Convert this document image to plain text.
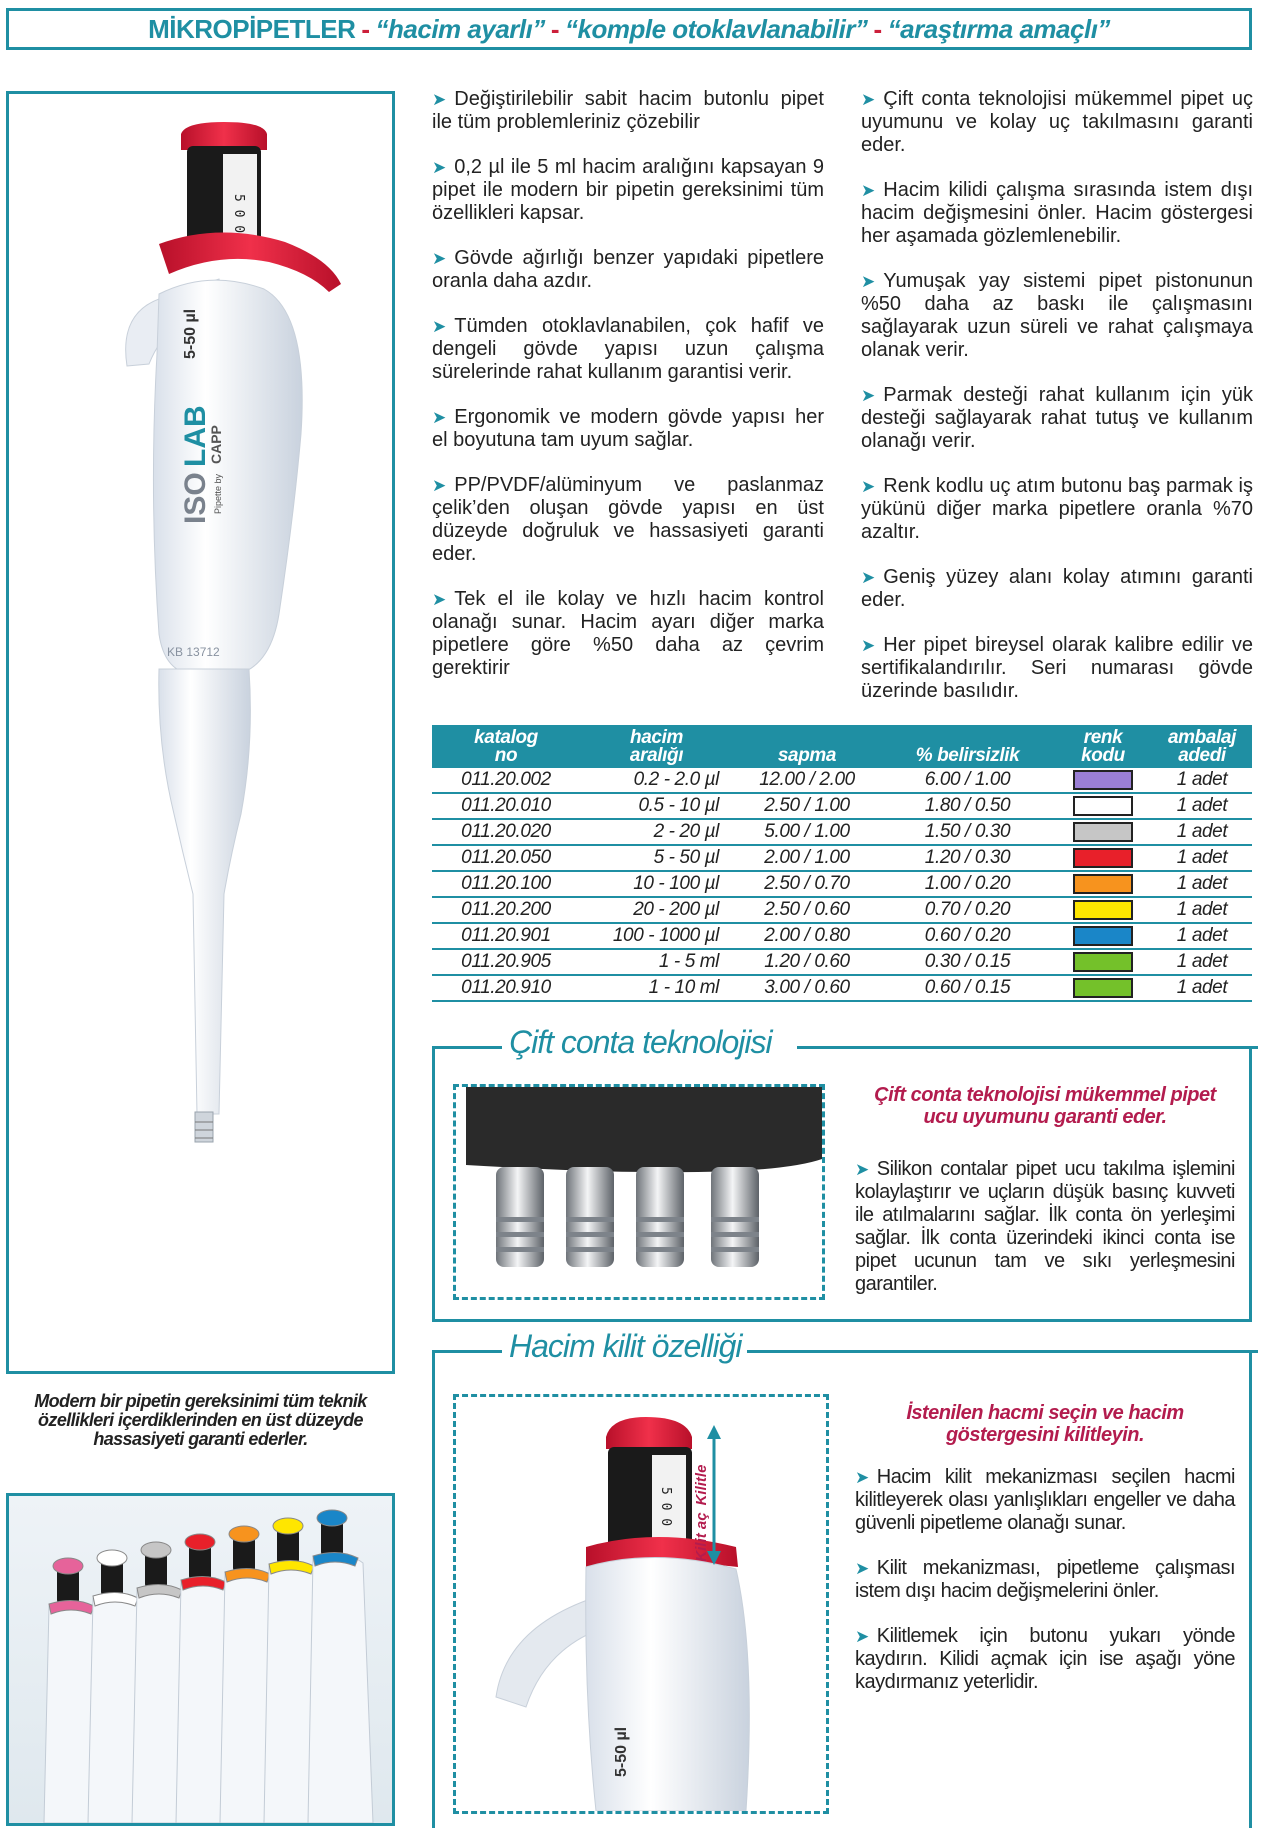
MİKROPİPETLER - “hacim ayarlı” - “komple otoklavlanabilir” - “araştırma amaçlı”
5 0 0
5-50 µl
ISO
LAB
Pipette by
CAPP
KB 13712
Modern bir pipetin gereksinimi tüm teknik özellikleri içerdiklerinden en üst düzeyde hassasiyeti garanti ederler.

➤ Değiştirilebilir sabit hacim butonlu pipet ile tüm problemleriniz çözebilir

➤ 0,2 µl ile 5 ml hacim aralığını kapsayan 9 pipet ile modern bir pipetin gereksinimi tüm özellikleri kapsar.

➤ Gövde ağırlığı benzer yapıdaki pipetlere oranla daha azdır.

➤ Tümden otoklavlanabilen, çok hafif ve dengeli gövde yapısı uzun çalışma sürelerinde rahat kullanım garantisi verir.

➤ Ergonomik ve modern gövde yapısı her el boyutuna tam uyum sağlar.

➤ PP/PVDF/alüminyum ve paslanmaz çelik’den oluşan gövde yapısı en üst düzeyde doğruluk ve hassasiyeti garanti eder.

➤ Tek el ile kolay ve hızlı hacim kontrol olanağı sunar. Hacim ayarı diğer marka pipetlere göre %50 daha az çevrim gerektirir

➤ Çift conta teknolojisi mükemmel pipet uç uyumunu ve kolay uç takılmasını garanti eder.

➤ Hacim kilidi çalışma sırasında istem dışı hacim değişmesini önler. Hacim göstergesi her aşamada gözlemlenebilir.

➤ Yumuşak yay sistemi pipet pistonunun %50 daha az baskı ile çalışmasını sağlayarak uzun süreli ve rahat çalışmaya olanak verir.

➤ Parmak desteği rahat kullanım için yük desteği sağlayarak rahat tutuş ve kullanım olanağı verir.

➤ Renk kodlu uç atım butonu baş parmak iş yükünü diğer marka pipetlere oranla %70 azaltır.

➤ Geniş yüzey alanı kolay atımını garanti eder.

➤ Her pipet bireysel olarak kalibre edilir ve sertifikalandırılır. Seri numarası gövde üzerinde basılıdır.

katalog
no	hacim
aralığı	sapma	% belirsizlik	renk
kodu	ambalaj
adedi
011.20.002	0.2 - 2.0 µl	12.00 / 2.00	6.00 / 1.00		1 adet
011.20.010	0.5 - 10 µl	2.50 / 1.00	1.80 / 0.50		1 adet
011.20.020	2 - 20 µl	5.00 / 1.00	1.50 / 0.30		1 adet
011.20.050	5 - 50 µl	2.00 / 1.00	1.20 / 0.30		1 adet
011.20.100	10 - 100 µl	2.50 / 0.70	1.00 / 0.20		1 adet
011.20.200	20 - 200 µl	2.50 / 0.60	0.70 / 0.20		1 adet
011.20.901	100 - 1000 µl	2.00 / 0.80	0.60 / 0.20		1 adet
011.20.905	1 - 5 ml	1.20 / 0.60	0.30 / 0.15		1 adet
011.20.910	1 - 10 ml	3.00 / 0.60	0.60 / 0.15		1 adet
Çift conta teknolojisi
Çift conta teknolojisi mükemmel pipet ucu uyumunu garanti eder.

➤ Silikon contalar pipet ucu takılma işlemini kolaylaştırır ve uçların düşük basınç kuvveti ile atılmalarını sağlar. İlk conta ön yerleşimi sağlar. İlk conta üzerindeki ikinci conta ise pipet ucunun tam ve sıkı yerleşmesini garantiler.

Hacim kilit özelliği
5 0 0
5-50 µl
Kilitle
Kilit aç
İstenilen hacmi seçin ve hacim göstergesini kilitleyin.

➤ Hacim kilit mekanizması seçilen hacmi kilitleyerek olası yanlışlıkları engeller ve daha güvenli pipetleme olanağı sunar.

➤ Kilit mekanizması, pipetleme çalışması istem dışı hacim değişmelerini önler.

➤ Kilitlemek için butonu yukarı yönde kaydırın. Kilidi açmak için ise aşağı yöne kaydırmanız yeterlidir.
